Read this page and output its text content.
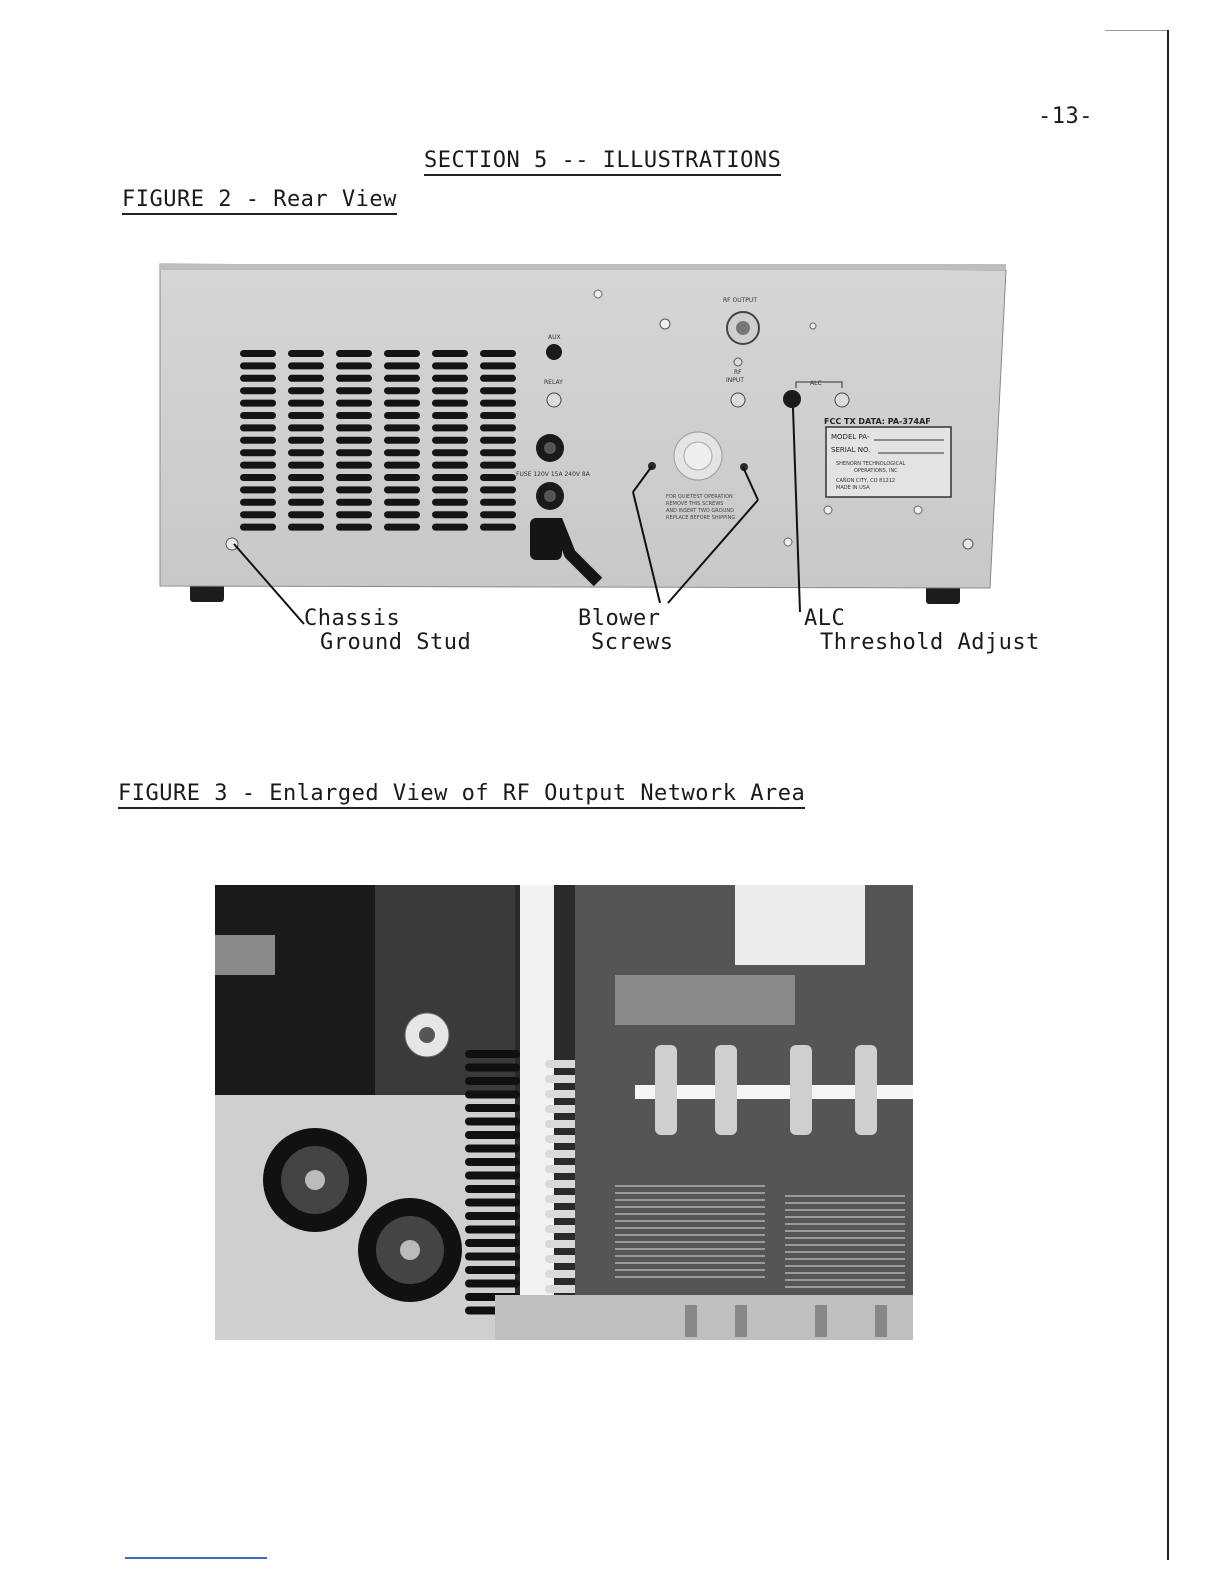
-13-
SECTION 5 -- ILLUSTRATIONS
FIGURE 2 - Rear View
RF OUTPUT
AUX
RELAY
RF
INPUT	ALC
FUSE 120V 15A 240V 8A
FOR QUIETEST OPERATION
REMOVE THIS SCREWS
AND INSERT TWO GROUND
REPLACE BEFORE SHIPPING
FCC TX DATA: PA-374AF
MODEL PA-
SERIAL NO.
SHENORN TECHNOLOGICAL
OPERATIONS, INC
CAÑON CITY, CO 81212
MADE IN USA
Chassis
Ground Stud
Blower
Screws
ALC
Threshold Adjust
FIGURE 3 - Enlarged View of RF Output Network Area
